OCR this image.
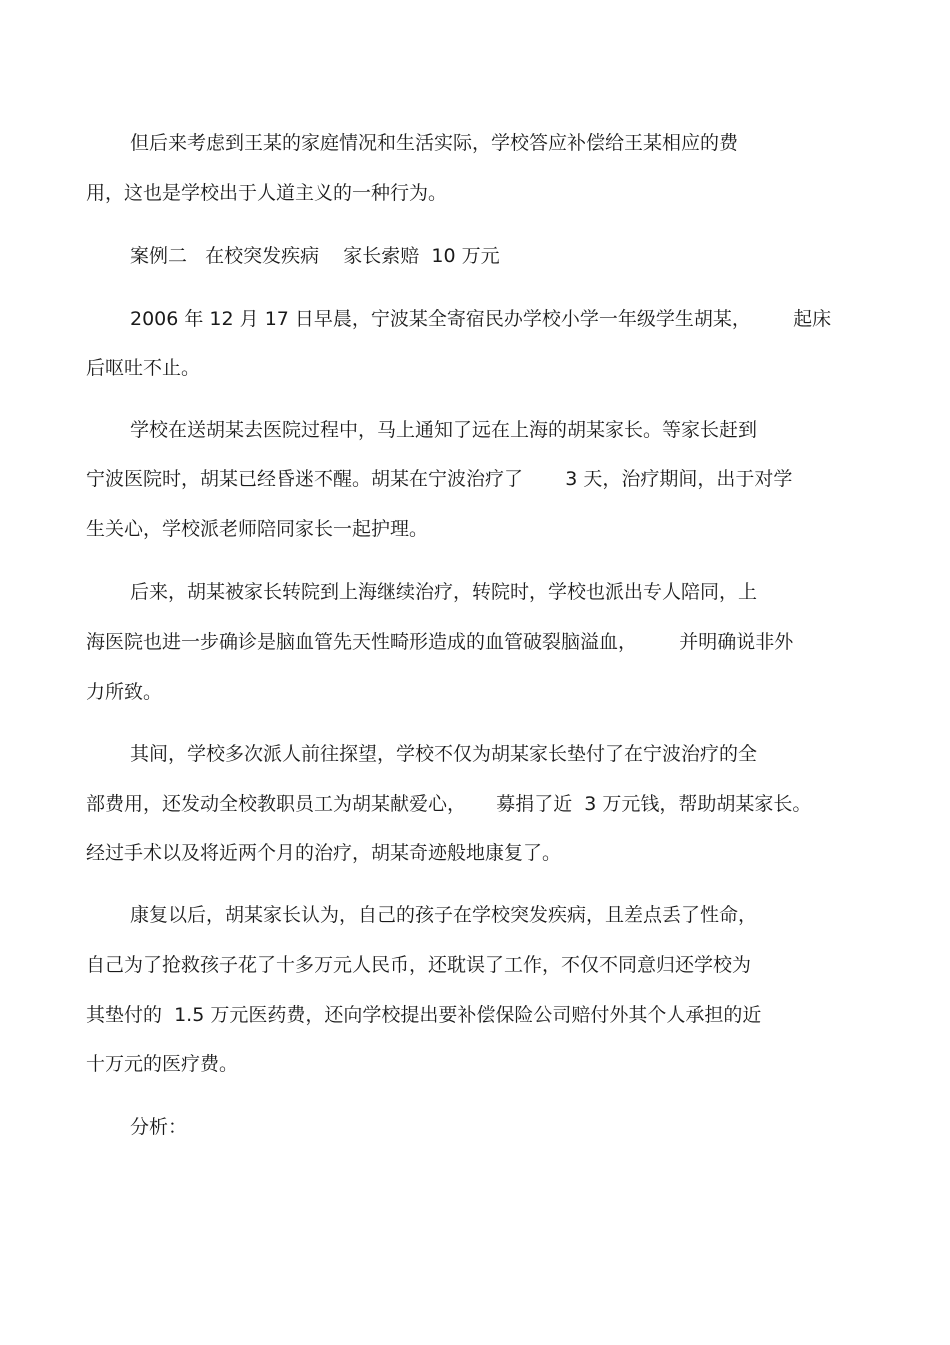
但后来考虑到王某的家庭情况和生活实际，学校答应补偿给王某相应的费
用，这也是学校出于人道主义的一种行为。
案例二   在校突发疾病    家长索赔  10 万元
2006 年 12 月 17 日早晨，宁波某全寄宿民办学校小学一年级学生胡某，       起床
后呕吐不止。
学校在送胡某去医院过程中，马上通知了远在上海的胡某家长。等家长赶到
宁波医院时，胡某已经昏迷不醒。胡某在宁波治疗了       3 天，治疗期间，出于对学
生关心，学校派老师陪同家长一起护理。
后来，胡某被家长转院到上海继续治疗，转院时，学校也派出专人陪同，上
海医院也进一步确诊是脑血管先天性畸形造成的血管破裂脑溢血，       并明确说非外
力所致。
其间，学校多次派人前往探望，学校不仅为胡某家长垫付了在宁波治疗的全
部费用，还发动全校教职员工为胡某献爱心，     募捐了近  3 万元钱，帮助胡某家长。
经过手术以及将近两个月的治疗，胡某奇迹般地康复了。
康复以后，胡某家长认为，自己的孩子在学校突发疾病，且差点丢了性命，
自己为了抢救孩子花了十多万元人民币，还耽误了工作，不仅不同意归还学校为
其垫付的  1.5 万元医药费，还向学校提出要补偿保险公司赔付外其个人承担的近
十万元的医疗费。
分析：
